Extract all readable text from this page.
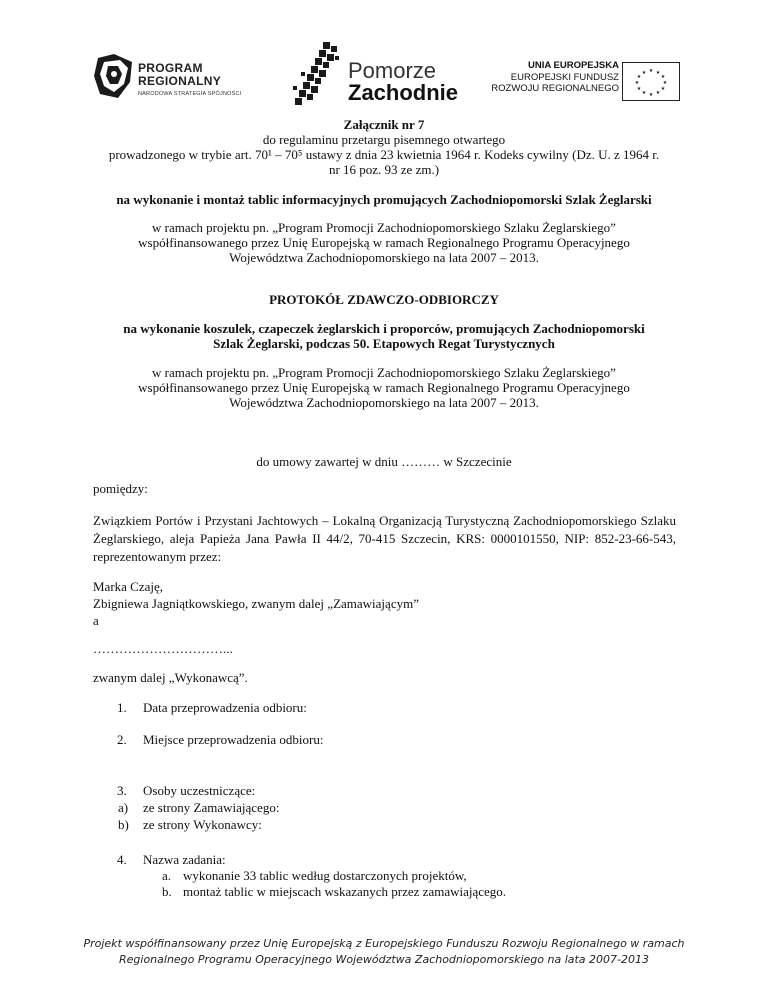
PROGRAM
REGIONALNY
NARODOWA STRATEGIA SPÓJNOŚCI
Pomorze
Zachodnie
UNIA EUROPEJSKA
EUROPEJSKI FUNDUSZ
ROZWOJU REGIONALNEGO
★ ★
★
★
★
★
★
★
★
★
★
★
Załącznik nr 7
do regulaminu przetargu pisemnego otwartego
prowadzonego w trybie art. 70¹ – 70⁵ ustawy z dnia 23 kwietnia 1964 r. Kodeks cywilny (Dz. U. z 1964 r.
nr 16 poz. 93 ze zm.)
na wykonanie i montaż tablic informacyjnych promujących Zachodniopomorski Szlak Żeglarski
w ramach projektu pn. „Program Promocji Zachodniopomorskiego Szlaku Żeglarskiego”
współfinansowanego przez Unię Europejską w ramach Regionalnego Programu Operacyjnego
Województwa Zachodniopomorskiego na lata 2007 – 2013.
PROTOKÓŁ ZDAWCZO-ODBIORCZY
na wykonanie koszulek, czapeczek żeglarskich i proporców, promujących Zachodniopomorski
Szlak Żeglarski, podczas 50. Etapowych Regat Turystycznych
w ramach projektu pn. „Program Promocji Zachodniopomorskiego Szlaku Żeglarskiego”
współfinansowanego przez Unię Europejską w ramach Regionalnego Programu Operacyjnego
Województwa Zachodniopomorskiego na lata 2007 – 2013.
do umowy zawartej w dniu ……… w Szczecinie
pomiędzy:
Związkiem Portów i Przystani Jachtowych – Lokalną Organizacją Turystyczną Zachodniopomorskiego Szlaku Żeglarskiego, aleja Papieża Jana Pawła II 44/2, 70-415 Szczecin, KRS: 0000101550, NIP: 852-23-66-543, reprezentowanym przez:
Marka Czaję,
Zbigniewa Jagniątkowskiego, zwanym dalej „Zamawiającym”
a
…………………………...
zwanym dalej „Wykonawcą”.
1. Data przeprowadzenia odbioru:
2. Miejsce przeprowadzenia odbioru:
3. Osoby uczestniczące:
a) ze strony Zamawiającego:
b) ze strony Wykonawcy:
4. Nazwa zadania:
a. wykonanie 33 tablic według dostarczonych projektów,
b. montaż tablic w miejscach wskazanych przez zamawiającego.
Projekt współfinansowany przez Unię Europejską z Europejskiego Funduszu Rozwoju Regionalnego w ramach
Regionalnego Programu Operacyjnego Województwa Zachodniopomorskiego na lata 2007-2013
